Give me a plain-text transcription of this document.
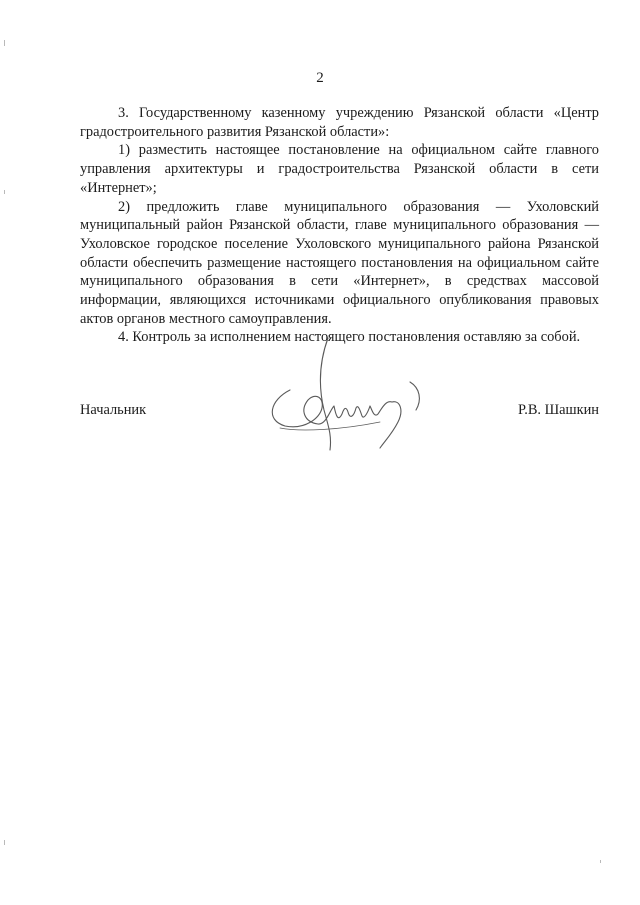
2

3. Государственному казенному учреждению Рязанской области «Центр градостроительного развития Рязанской области»:

1) разместить настоящее постановление на официальном сайте главного управления архитектуры и градостроительства Рязанской области в сети «Интернет»;

2) предложить главе муниципального образования — Ухоловский муниципальный район Рязанской области, главе муниципального образования — Ухоловское городское поселение Ухоловского муниципального района Рязанской области обеспечить размещение настоящего постановления на официальном сайте муниципального образования в сети «Интернет», в средствах массовой информации, являющихся источниками официального опубликования правовых актов органов местного самоуправления.

4. Контроль за исполнением настоящего постановления оставляю за собой.

Начальник	Р.В. Шашкин
